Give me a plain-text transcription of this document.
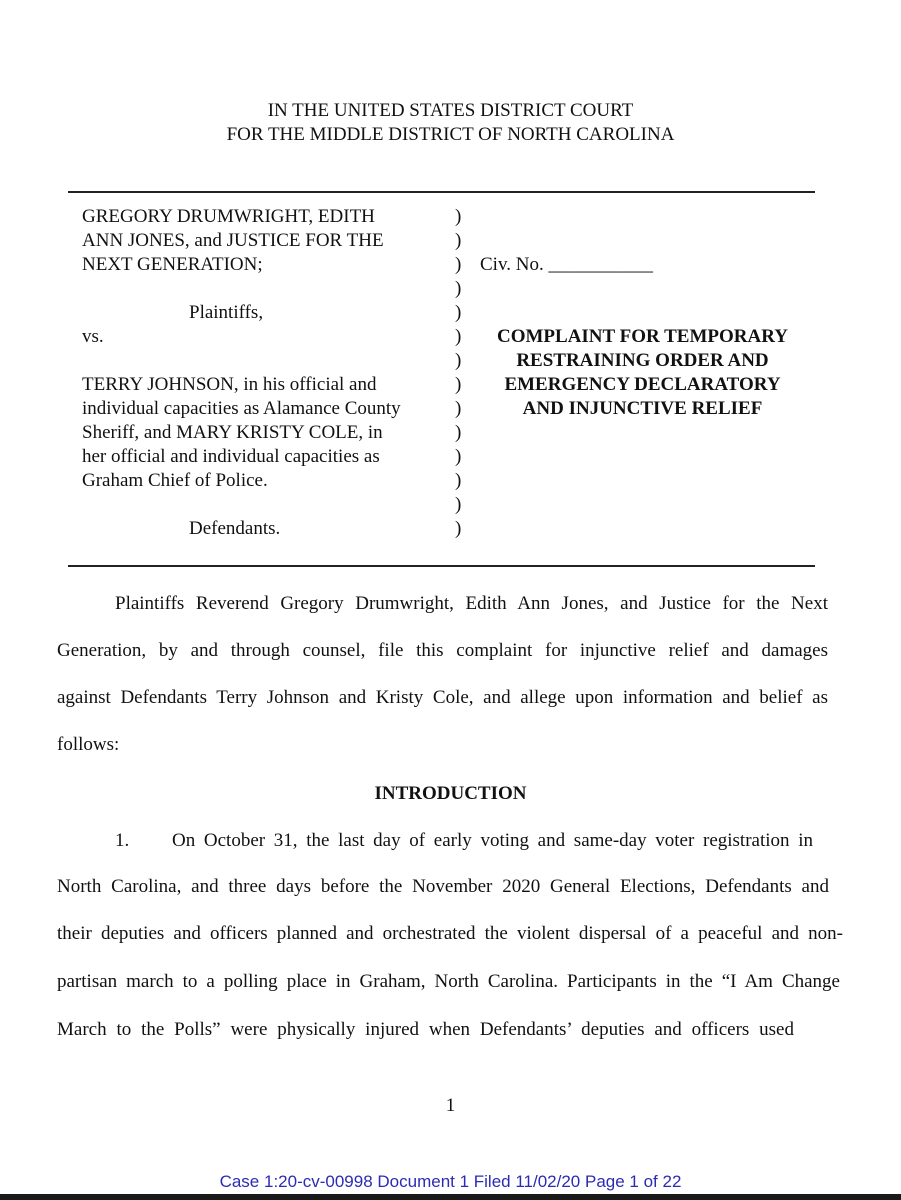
IN THE UNITED STATES DISTRICT COURT
FOR THE MIDDLE DISTRICT OF NORTH CAROLINA
GREGORY DRUMWRIGHT, EDITH
ANN JONES, and JUSTICE FOR THE
NEXT GENERATION;
Plaintiffs,
vs.
TERRY JOHNSON, in his official and
individual capacities as Alamance County
Sheriff, and MARY KRISTY COLE, in
her official and individual capacities as
Graham Chief of Police.
Defendants.
)
)
)
)
)
)
)
)
)
)
)
)
)
)
Civ. No. ___________
COMPLAINT FOR TEMPORARY
RESTRAINING ORDER AND
EMERGENCY DECLARATORY
AND INJUNCTIVE RELIEF
Plaintiffs Reverend Gregory Drumwright, Edith Ann Jones, and Justice for the Next
Generation, by and through counsel, file this complaint for injunctive relief and damages
against Defendants Terry Johnson and Kristy Cole, and allege upon information and belief as
follows:
INTRODUCTION
1. On October 31, the last day of early voting and same-day voter registration in
North Carolina, and three days before the November 2020 General Elections, Defendants and
their deputies and officers planned and orchestrated the violent dispersal of a peaceful and non-
partisan march to a polling place in Graham, North Carolina. Participants in the “I Am Change
March to the Polls” were physically injured when Defendants’ deputies and officers used
1
Case 1:20-cv-00998 Document 1 Filed 11/02/20 Page 1 of 22
